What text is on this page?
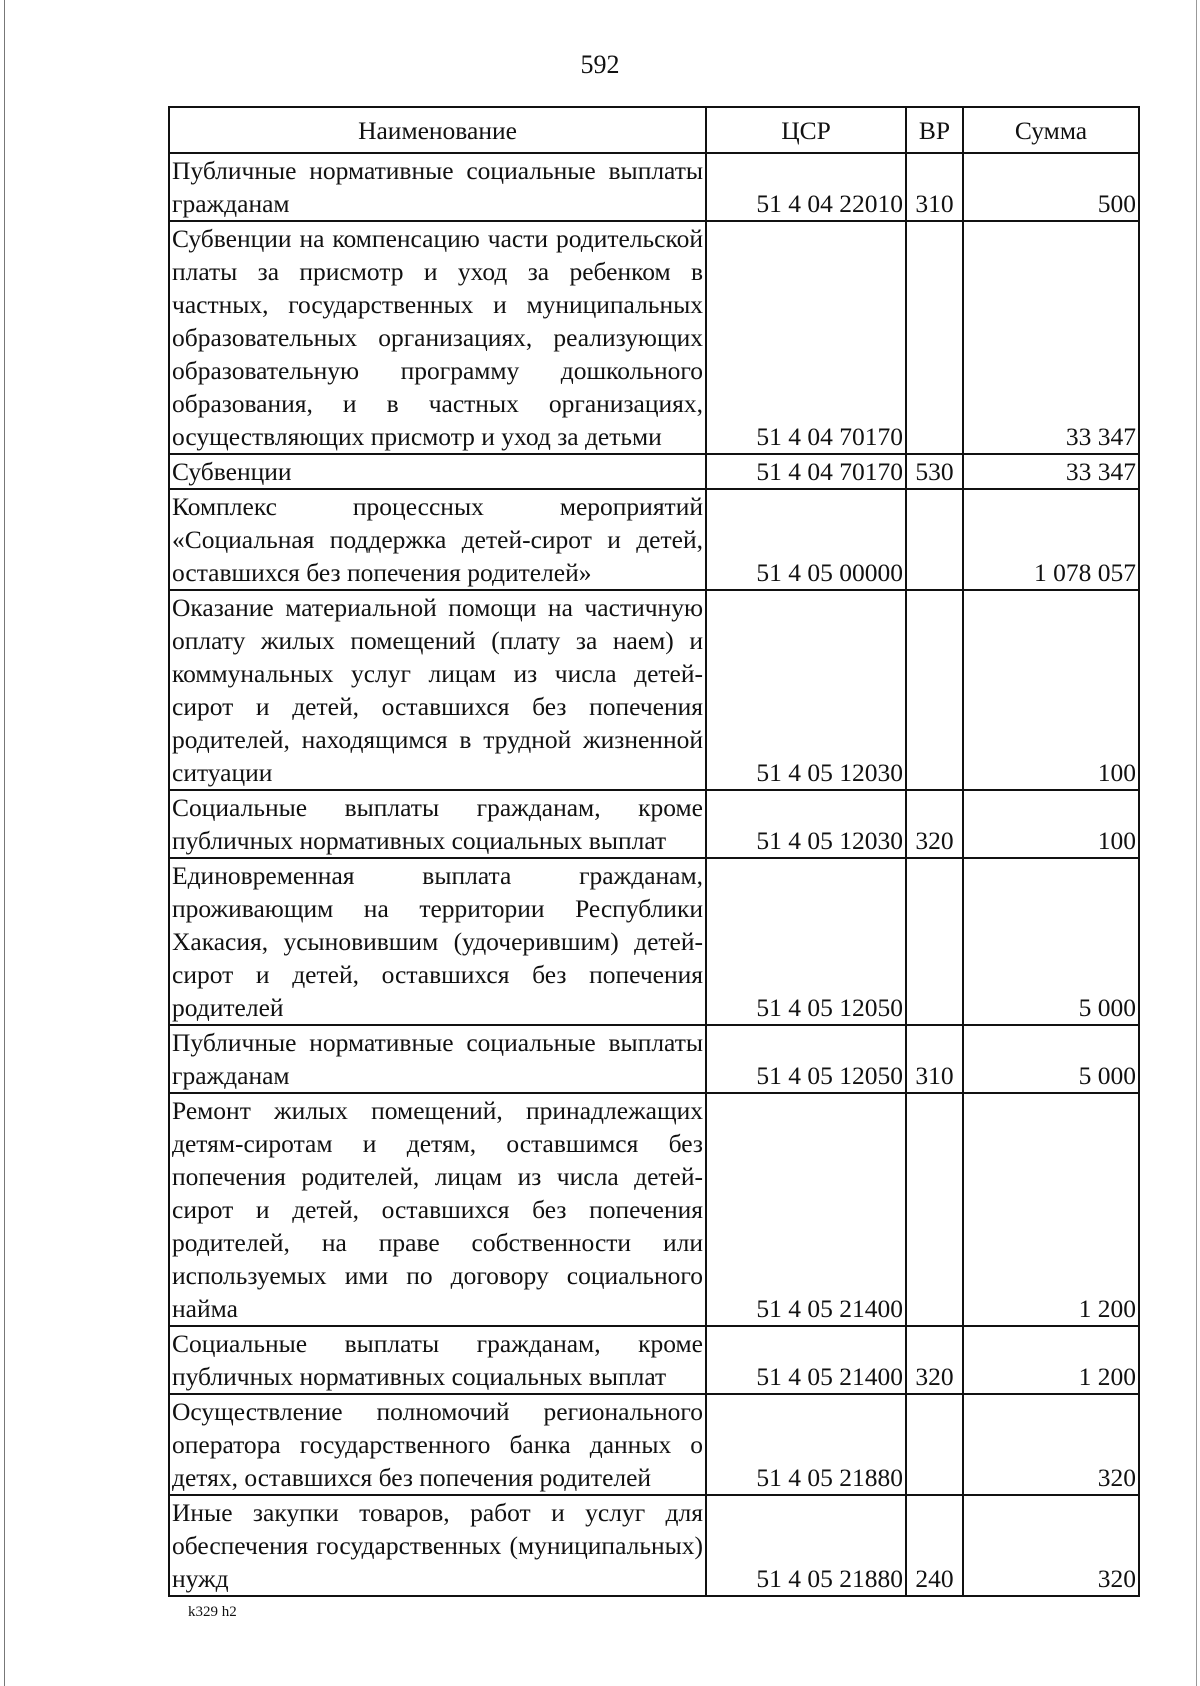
592
Наименование	ЦСР	ВР	Сумма
Публичные нормативные социальные выплаты гражданам	51 4 04 22010	310	500
Субвенции на компенсацию части родительской платы за присмотр и уход за ребенком в частных, государственных и муниципальных образовательных организациях, реализующих образовательную программу дошкольного образования, и в частных организациях, осуществляющих присмотр и уход за детьми	51 4 04 70170		33 347
Субвенции	51 4 04 70170	530	33 347
Комплекс процессных мероприятий «Социальная поддержка детей-сирот и детей, оставшихся без попечения родителей»	51 4 05 00000		1 078 057
Оказание материальной помощи на частичную оплату жилых помещений (плату за наем) и коммунальных услуг лицам из числа детей-сирот и детей, оставшихся без попечения родителей, находящимся в трудной жизненной ситуации	51 4 05 12030		100
Социальные выплаты гражданам, кроме публичных нормативных социальных выплат	51 4 05 12030	320	100
Единовременная выплата гражданам, проживающим на территории Республики Хакасия, усыновившим (удочерившим) детей-сирот и детей, оставшихся без попечения родителей	51 4 05 12050		5 000
Публичные нормативные социальные выплаты гражданам	51 4 05 12050	310	5 000
Ремонт жилых помещений, принадлежащих детям-сиротам и детям, оставшимся без попечения родителей, лицам из числа детей-сирот и детей, оставшихся без попечения родителей, на праве собственности или используемых ими по договору социального найма	51 4 05 21400		1 200
Социальные выплаты гражданам, кроме публичных нормативных социальных выплат	51 4 05 21400	320	1 200
Осуществление полномочий регионального оператора государственного банка данных о детях, оставшихся без попечения родителей	51 4 05 21880		320
Иные закупки товаров, работ и услуг для обеспечения государственных (муниципальных) нужд	51 4 05 21880	240	320
k329 h2
